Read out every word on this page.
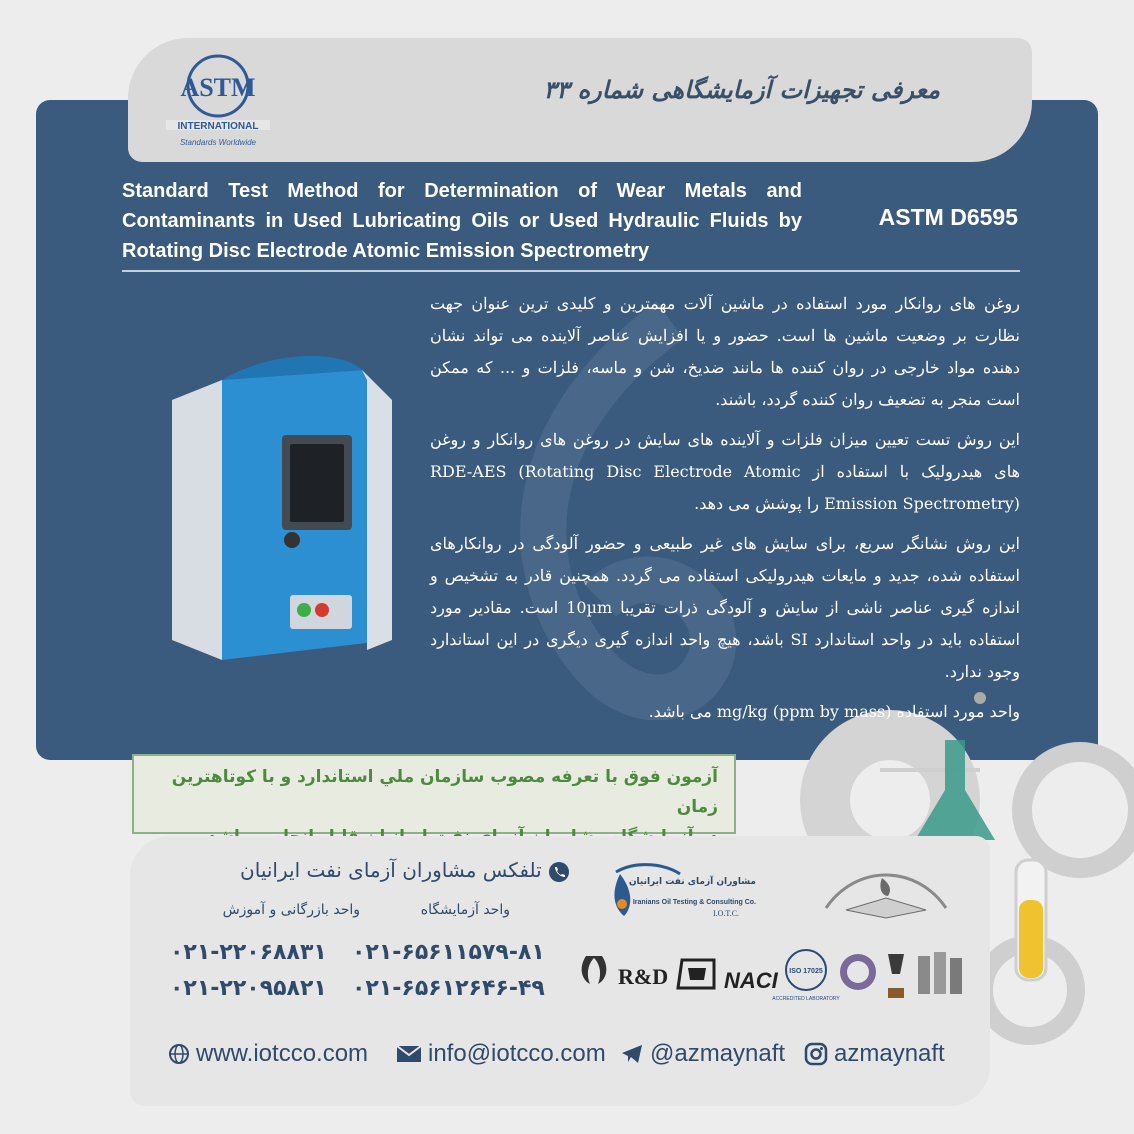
ASTM
INTERNATIONAL
Standards Worldwide
معرفی تجهیزات آزمایشگاهی شماره ۳۳
Standard Test Method for Determination of Wear Metals and Contaminants in Used Lubricating Oils or Used Hydraulic Fluids by Rotating Disc Electrode Atomic Emission Spectrometry
ASTM D6595

روغن های روانکار مورد استفاده در ماشین آلات مهمترین و کلیدی ترین عنوان جهت نظارت بر وضعیت ماشین ها است. حضور و یا افزایش عناصر آلاینده می تواند نشان دهنده مواد خارجی در روان کننده ها مانند ضدیخ، شن و ماسه، فلزات و ... که ممکن است منجر به تضعیف روان کننده گردد، باشند.

این روش تست تعیین میزان فلزات و آلاینده های سایش در روغن های روانکار و روغن های هیدرولیک با استفاده از RDE-AES (Rotating Disc Electrode Atomic Emission Spectrometry) را پوشش می دهد.

این روش نشانگر سریع، برای سایش های غیر طبیعی و حضور آلودگی در روانکارهای استفاده شده، جدید و مایعات هیدرولیکی استفاده می گردد. همچنین قادر به تشخیص و اندازه گیری عناصر ناشی از سایش و آلودگی ذرات تقریبا 10µm است. مقادیر مورد استفاده باید در واحد استاندارد SI باشد، هیچ واحد اندازه گیری دیگری در این استاندارد وجود ندارد.

واحد مورد استفاده mg/kg (ppm by mass) می باشد.

آزمون فوق با تعرفه مصوب سازمان ملي استاندارد و با کوتاهترین زمان
تلفکس مشاوران آزمای نفت ایرانیان
واحد آزمایشگاه
واحد بازرگانی و آموزش
۰۲۱-۶۵۶۱۱۵۷۹-۸۱
۰۲۱-۶۵۶۱۲۶۴۶-۴۹
۰۲۱-۲۲۰۶۸۸۳۱
۰۲۱-۲۲۰۹۵۸۲۱
مشاوران آزمای نفت ایرانیان
Iranians Oil Testing & Consulting Co.
I.O.T.C.
R&D	NACI ISO 17025
ACCREDITED LABORATORY
www.iotcco.com info@iotcco.com @azmaynaft azmaynaft
